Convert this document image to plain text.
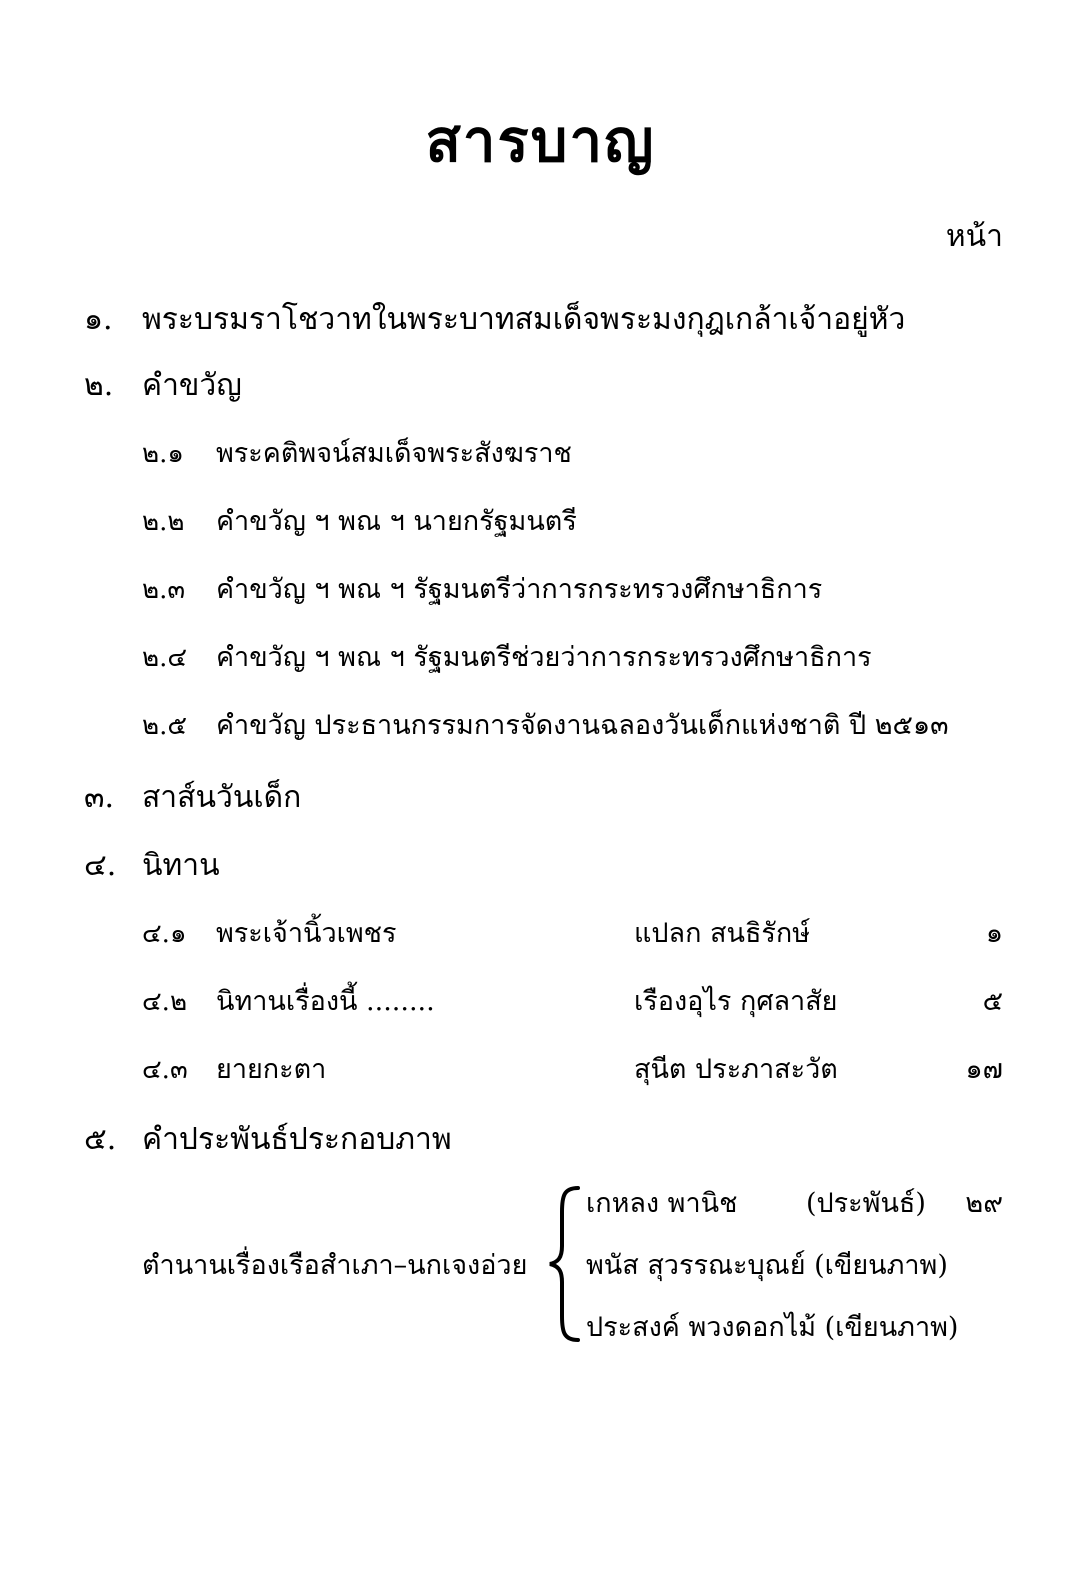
สารบาญ
หน้า
๑. พระบรมราโชวาทในพระบาทสมเด็จพระมงกุฎเกล้าเจ้าอยู่หัว
๒. คำขวัญ
๒.๑ พระคติพจน์สมเด็จพระสังฆราช
๒.๒ คำขวัญ ฯ พณ ฯ นายกรัฐมนตรี
๒.๓ คำขวัญ ฯ พณ ฯ รัฐมนตรีว่าการกระทรวงศึกษาธิการ
๒.๔ คำขวัญ ฯ พณ ฯ รัฐมนตรีช่วยว่าการกระทรวงศึกษาธิการ
๒.๕ คำขวัญ ประธานกรรมการจัดงานฉลองวันเด็กแห่งชาติ ปี ๒๕๑๓
๓. สาส์นวันเด็ก
๔. นิทาน
๔.๑ พระเจ้านิ้วเพชร	แปลก สนธิรักษ์	๑
๔.๒ นิทานเรื่องนี้ ........	เรืองอุไร กุศลาสัย	๕
๔.๓ ยายกะตา	สุนีต ประภาสะวัต	๑๗
๕. คำประพันธ์ประกอบภาพ
ตำนานเรื่องเรือสำเภา–นกเจงอ่วย
เกหลง พานิช	(ประพันธ์) ๒๙
พนัส สุวรรณะบุณย์ (เขียนภาพ)
ประสงค์ พวงดอกไม้ (เขียนภาพ)
